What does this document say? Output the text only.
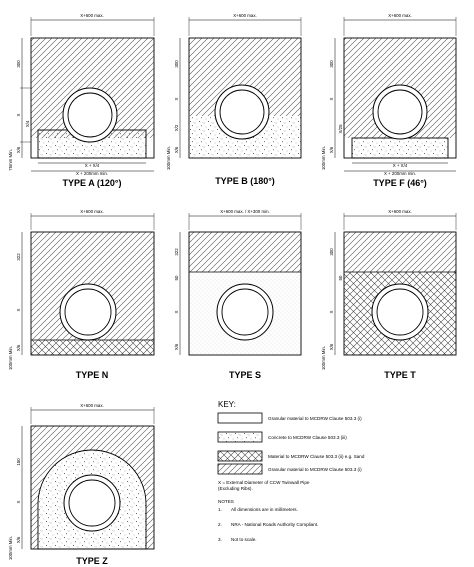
X+600 max.
300
X
X/4
X/6
75mm Min.	X + X/4
X + 200mm min.
TYPE A (120°)
X+600 max.
300
X
X/2
X/6
100mm Min.
TYPE B (180°)
X+600 max.
300
X
X/25
X/6
100mm Min.	X + X/4
X + 200mm min.
TYPE F (46°)
X+600 max.
322
X
X/6
100mm Min.
TYPE N
X+600 max. / X+300 min.
322
50
X
X/6
TYPE S
X+600 max.
300
50
X
X/6
100mm Min.
TYPE T
X+600 max.
150
X
X/6
100mm Min.
TYPE Z
KEY:
Granular material to MCDRW Clause 503.3 (i)
Concrete to MCDRW Clause 503.3 (iii)
Material to MCDRW Clause 503.3 (ii) e.g. Sand
Granular material to MCDRW Clause 503.3 (i)
X = External Diameter of CCW Twinwall Pipe
(Excluding Ribs).
NOTES
1. All dimensions are in millimeters.
2. NRA - National Roads Authority Compliant.
3. Not to scale.
